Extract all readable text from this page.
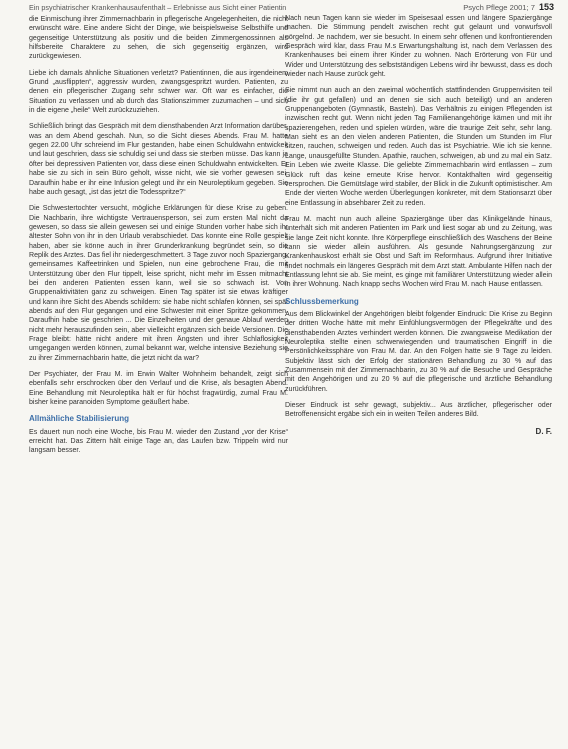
Ein psychiatrischer Krankenhausaufenthalt – Erlebnisse aus Sicht einer Patientin	Psych Pflege 2001; 7 153

die Einmischung ihrer Zimmernachbarin in pflegerische Angelegenheiten, die nicht erwünscht wäre. Eine andere Sicht der Dinge, wie beispielsweise Selbsthilfe und gegenseitige Unterstützung als positiv und die beiden Zimmergenossinnen als hilfsbereite Charaktere zu sehen, die sich gegenseitig ergänzen, wird zurückgewiesen.

Liebe ich damals ähnliche Situationen verletzt? Patientinnen, die aus irgendeinem Grund „ausflippten“, aggressiv wurden, zwangsgespritzt wurden. Patienten, zu denen ein pflegerischer Zugang sehr schwer war. Oft war es einfacher, die Situation zu verlassen und ab durch das Stationszimmer zuzumachen – und sich in die eigene „heile“ Welt zurückzuziehen.

Schließlich bringt das Gespräch mit dem diensthabenden Arzt Information darüber, was an dem Abend geschah. Nun, so die Sicht dieses Abends. Frau M. hatte gegen 22.00 Uhr schreiend im Flur gestanden, habe einen Schuldwahn entwickelt und laut geschrien, dass sie schuldig sei und dass sie sterben müsse. Das kann ja öfter bei depressiven Patienten vor, dass diese einen Schuldwahn entwickelten. Er habe sie zu sich in sein Büro geholt, wisse nicht, wie sie vorher gewesen sei. Daraufhin habe er ihr eine Infusion gelegt und ihr ein Neuroleptikum gegeben. Sie habe auch gesagt, „ist das jetzt die Todesspritze?“

Die Schwestertochter versucht, mögliche Erklärungen für diese Krise zu geben. Die Nachbarin, ihre wichtigste Vertrauensperson, sei zum ersten Mal nicht da gewesen, so dass sie allein gewesen sei und einige Stunden vorher habe sich ihr ältester Sohn von ihr in den Urlaub verabschiedet. Das konnte eine Rolle gespielt haben, aber sie könne auch in ihrer Grunderkrankung begründet sein, so die Replik des Arztes. Das fiel ihr niedergeschmettert. 3 Tage zuvor noch Spaziergang, gemeinsames Kaffeetrinken und Spielen, nun eine gebrochene Frau, die mit Unterstützung über den Flur tippelt, leise spricht, nicht mehr im Essen mitmacht bei den anderen Patienten essen kann, weil sie so schwach ist. Von Gruppenaktivitäten ganz zu schweigen. Einen Tag später ist sie etwas kräftiger und kann ihre Sicht des Abends schildern: sie habe nicht schlafen können, sei spät abends auf den Flur gegangen und eine Schwester mit einer Spritze gekommen. Daraufhin habe sie geschrien ... Die Einzelheiten und der genaue Ablauf werden nicht mehr herauszufinden sein, aber vielleicht ergänzen sich beide Versionen. Die Frage bleibt: hätte nicht andere mit ihren Ängsten und ihrer Schlaflosigkeit umgegangen werden können, zumal bekannt war, welche intensive Beziehung sie zu ihrer Zimmernachbarin hatte, die jetzt nicht da war?

Der Psychiater, der Frau M. im Erwin Walter Wohnheim behandelt, zeigt sich ebenfalls sehr erschrocken über den Verlauf und die Krise, als besagten Abend. Eine Behandlung mit Neuroleptika hält er für höchst fragwürdig, zumal Frau M. bisher keine paranoiden Symptome geäußert habe.

Allmähliche Stabilisierung

Es dauert nun noch eine Woche, bis Frau M. wieder den Zustand „vor der Krise“ erreicht hat. Das Zittern hält einige Tage an, das Laufen bzw. Trippeln wird nur langsam besser.

Nach neun Tagen kann sie wieder im Speisesaal essen und längere Spaziergänge machen. Die Stimmung pendelt zwischen recht gut gelaunt und vorwurfsvoll nörgelnd. Je nachdem, wer sie besucht. In einem sehr offenen und konfrontierenden Gespräch wird klar, dass Frau M.s Erwartungshaltung ist, nach dem Verlassen des Krankenhauses bei einem ihrer Kinder zu wohnen. Nach Erörterung von Für und Wider und Unterstützung des selbstständigen Lebens wird ihr bewusst, dass es doch wieder nach Hause zurück geht.

Sie nimmt nun auch an den zweimal wöchentlich stattfindenden Gruppenvisiten teil (die ihr gut gefallen) und an denen sie sich auch beteiligt) und an anderen Gruppenangeboten (Gymnastik, Basteln). Das Verhältnis zu einigen Pflegenden ist inzwischen recht gut. Wenn nicht jeden Tag Familienangehörige kämen und mit ihr spazierengehen, reden und spielen würden, wäre die traurige Zeit sehr, sehr lang. Man sieht es an den vielen anderen Patienten, die Stunden um Stunden im Flur sitzen, rauchen, schweigen und reden. Auch das ist Psychiatrie. Wie ich sie kenne. Lange, unausgefüllte Stunden. Apathie, rauchen, schweigen, ab und zu mal ein Satz. Ein Leben wie zweite Klasse. Die geliebte Zimmernachbarin wird entlassen – zum Glück ruft das keine erneute Krise hervor. Kontakthalten wird gegenseitig versprochen. Die Gemütslage wird stabiler, der Blick in die Zukunft optimistischer. Am Ende der vierten Woche werden Überlegungen konkreter, mit dem Stationsarzt über eine Entlassung in absehbarer Zeit zu reden.

Frau M. macht nun auch alleine Spaziergänge über das Klinikgelände hinaus, unterhält sich mit anderen Patienten im Park und liest sogar ab und zu Zeitung, was sie lange Zeit nicht konnte. Ihre Körperpflege einschließlich des Waschens der Beine kann sie wieder allein ausführen. Als gesunde Nahrungsergänzung zur Krankenhauskost erhält sie Obst und Saft im Reformhaus. Aufgrund ihrer Initiative findet nochmals ein längeres Gespräch mit dem Arzt statt. Ambulante Hilfen nach der Entlassung lehnt sie ab. Sie meint, es ginge mit familiärer Unterstützung wieder allein in ihrer Wohnung. Nach knapp sechs Wochen wird Frau M. nach Hause entlassen.

Schlussbemerkung

Aus dem Blickwinkel der Angehörigen bleibt folgender Eindruck: Die Krise zu Beginn der dritten Woche hätte mit mehr Einfühlungsvermögen der Pflegekräfte und des diensthabenden Arztes verhindert werden können. Die zwangsweise Medikation der Neuroleptika stellte einen schwerwiegenden und traumatischen Eingriff in die Persönlichkeitssphäre von Frau M. dar. An den Folgen hatte sie 9 Tage zu leiden. Subjektiv lässt sich der Erfolg der stationären Behandlung zu 30 % auf das Zusammensein mit der Zimmernachbarin, zu 30 % auf die Besuche und Gespräche mit den Angehörigen und zu 20 % auf die pflegerische und ärztliche Behandlung zurückführen.

Dieser Eindruck ist sehr gewagt, subjektiv... Aus ärztlicher, pflegerischer oder Betroffenensicht ergäbe sich ein in weiten Teilen anderes Bild.

D. F.
